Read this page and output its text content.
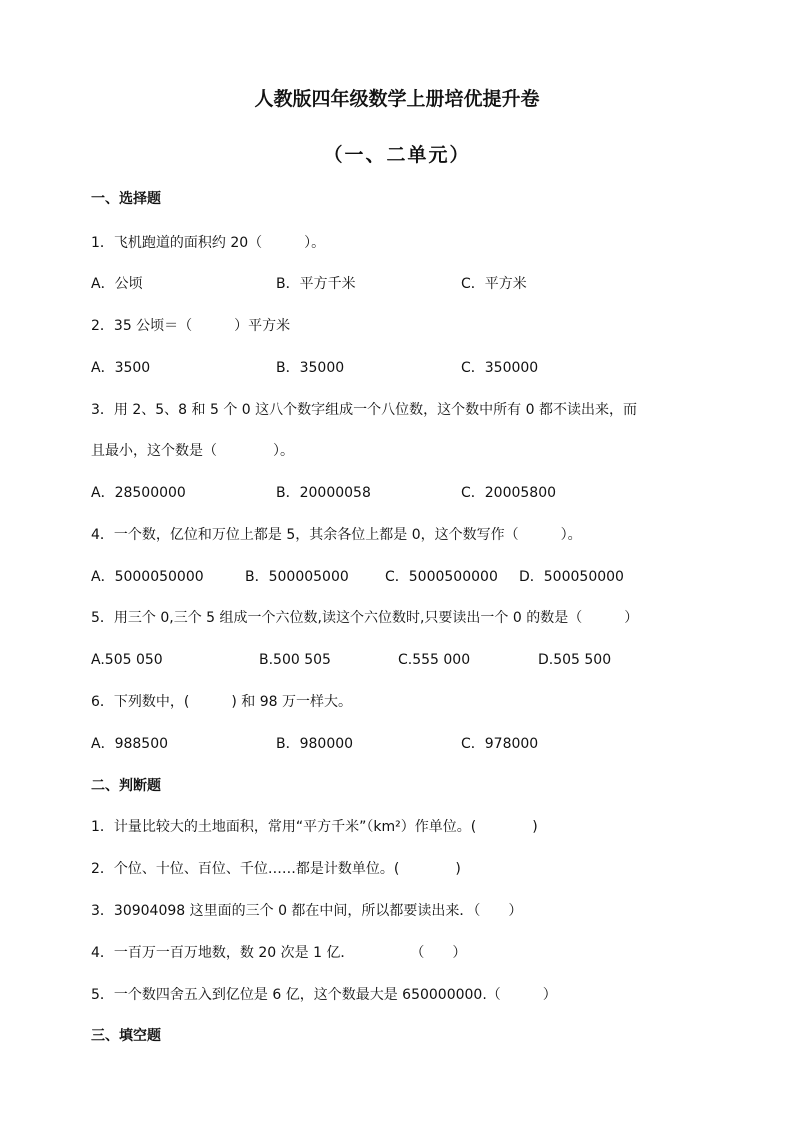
人教版四年级数学上册培优提升卷
（一、二单元）
一、选择题
1．飞机跑道的面积约 20（　　　）。
A．公顷	B．平方千米	C．平方米
2．35 公顷＝（　　　）平方米
A．3500	B．35000	C．350000
3．用 2、5、8 和 5 个 0 这八个数字组成一个八位数，这个数中所有 0 都不读出来，而
且最小，这个数是（　　　　）。
A．28500000	B．20000058	C．20005800
4．一个数，亿位和万位上都是 5，其余各位上都是 0，这个数写作（　　　）。
A．5000050000	B．500005000	C．5000500000 D．500050000
5．用三个 0,三个 5 组成一个六位数,读这个六位数时,只要读出一个 0 的数是（　　　）
A.505 050	B.500 505	C.555 000	D.505 500
6．下列数中，(　　　) 和 98 万一样大。
A．988500	B．980000	C．978000
二、判断题
1．计量比较大的土地面积，常用“平方千米”（km²）作单位。(　　　　)
2．个位、十位、百位、千位……都是计数单位。(　　　　)
3．30904098 这里面的三个 0 都在中间，所以都要读出来．（　　）
4．一百万一百万地数，数 20 次是 1 亿．　　　　　（　　）
5．一个数四舍五入到亿位是 6 亿，这个数最大是 650000000.（　　　）
三、填空题
